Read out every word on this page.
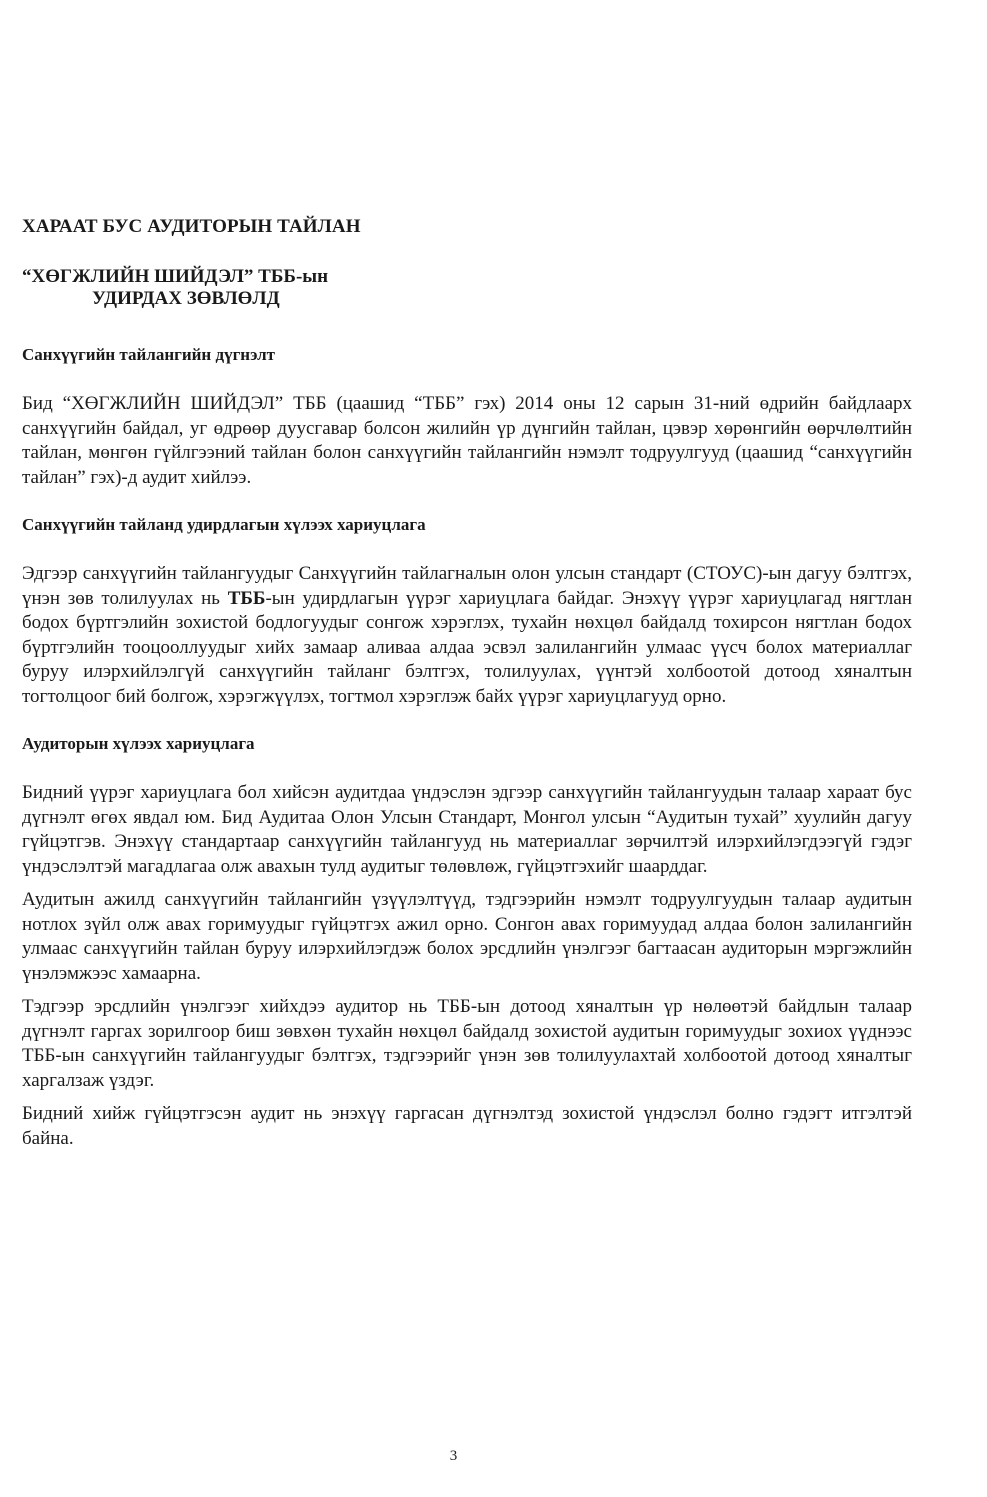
ХАРААТ БУС АУДИТОРЫН ТАЙЛАН
“ХӨГЖЛИЙН ШИЙДЭЛ” ТББ-ын
УДИРДАХ ЗӨВЛӨЛД
Санхүүгийн тайлангийн дүгнэлт

Бид “ХӨГЖЛИЙН ШИЙДЭЛ” ТББ (цаашид “ТББ” гэх) 2014 оны 12 сарын 31-ний өдрийн байдлаарх санхүүгийн байдал, уг өдрөөр дуусгавар болсон жилийн үр дүнгийн тайлан, цэвэр хөрөнгийн өөрчлөлтийн тайлан, мөнгөн гүйлгээний тайлан болон санхүүгийн тайлангийн нэмэлт тодруулгууд (цаашид “санхүүгийн тайлан” гэх)-д аудит хийлээ.

Санхүүгийн тайланд удирдлагын хүлээх хариуцлага

Эдгээр санхүүгийн тайлангуудыг Санхүүгийн тайлагналын олон улсын стандарт (СТОУС)-ын дагуу бэлтгэх, үнэн зөв толилуулах нь ТББ-ын удирдлагын үүрэг хариуцлага байдаг. Энэхүү үүрэг хариуцлагад нягтлан бодох бүртгэлийн зохистой бодлогуудыг сонгож хэрэглэх, тухайн нөхцөл байдалд тохирсон нягтлан бодох бүртгэлийн тооцооллуудыг хийх замаар аливаа алдаа эсвэл залилангийн улмаас үүсч болох материаллаг буруу илэрхийлэлгүй санхүүгийн тайланг бэлтгэх, толилуулах, үүнтэй холбоотой дотоод хяналтын тогтолцоог бий болгож, хэрэгжүүлэх, тогтмол хэрэглэж байх үүрэг хариуцлагууд орно.

Аудиторын хүлээх хариуцлага

Бидний үүрэг хариуцлага бол хийсэн аудитдаа үндэслэн эдгээр санхүүгийн тайлангуудын талаар хараат бус дүгнэлт өгөх явдал юм. Бид Аудитаа Олон Улсын Стандарт, Монгол улсын “Аудитын тухай” хуулийн дагуу гүйцэтгэв. Энэхүү стандартаар санхүүгийн тайлангууд нь материаллаг зөрчилтэй илэрхийлэгдээгүй гэдэг үндэслэлтэй магадлагаа олж авахын тулд аудитыг төлөвлөж, гүйцэтгэхийг шаарддаг.

Аудитын ажилд санхүүгийн тайлангийн үзүүлэлтүүд, тэдгээрийн нэмэлт тодруулгуудын талаар аудитын нотлох зүйл олж авах горимуудыг гүйцэтгэх ажил орно. Сонгон авах горимуудад алдаа болон залилангийн улмаас санхүүгийн тайлан буруу илэрхийлэгдэж болох эрсдлийн үнэлгээг багтаасан аудиторын мэргэжлийн үнэлэмжээс хамаарна.

Тэдгээр эрсдлийн үнэлгээг хийхдээ аудитор нь ТББ-ын дотоод хяналтын үр нөлөөтэй байдлын талаар дүгнэлт гаргах зорилгоор биш зөвхөн тухайн нөхцөл байдалд зохистой аудитын горимуудыг зохиох үүднээс ТББ-ын санхүүгийн тайлангуудыг бэлтгэх, тэдгээрийг үнэн зөв толилуулахтай холбоотой дотоод хяналтыг харгалзаж үздэг.

Бидний хийж гүйцэтгэсэн аудит нь энэхүү гаргасан дүгнэлтэд зохистой үндэслэл болно гэдэгт итгэлтэй байна.

3
